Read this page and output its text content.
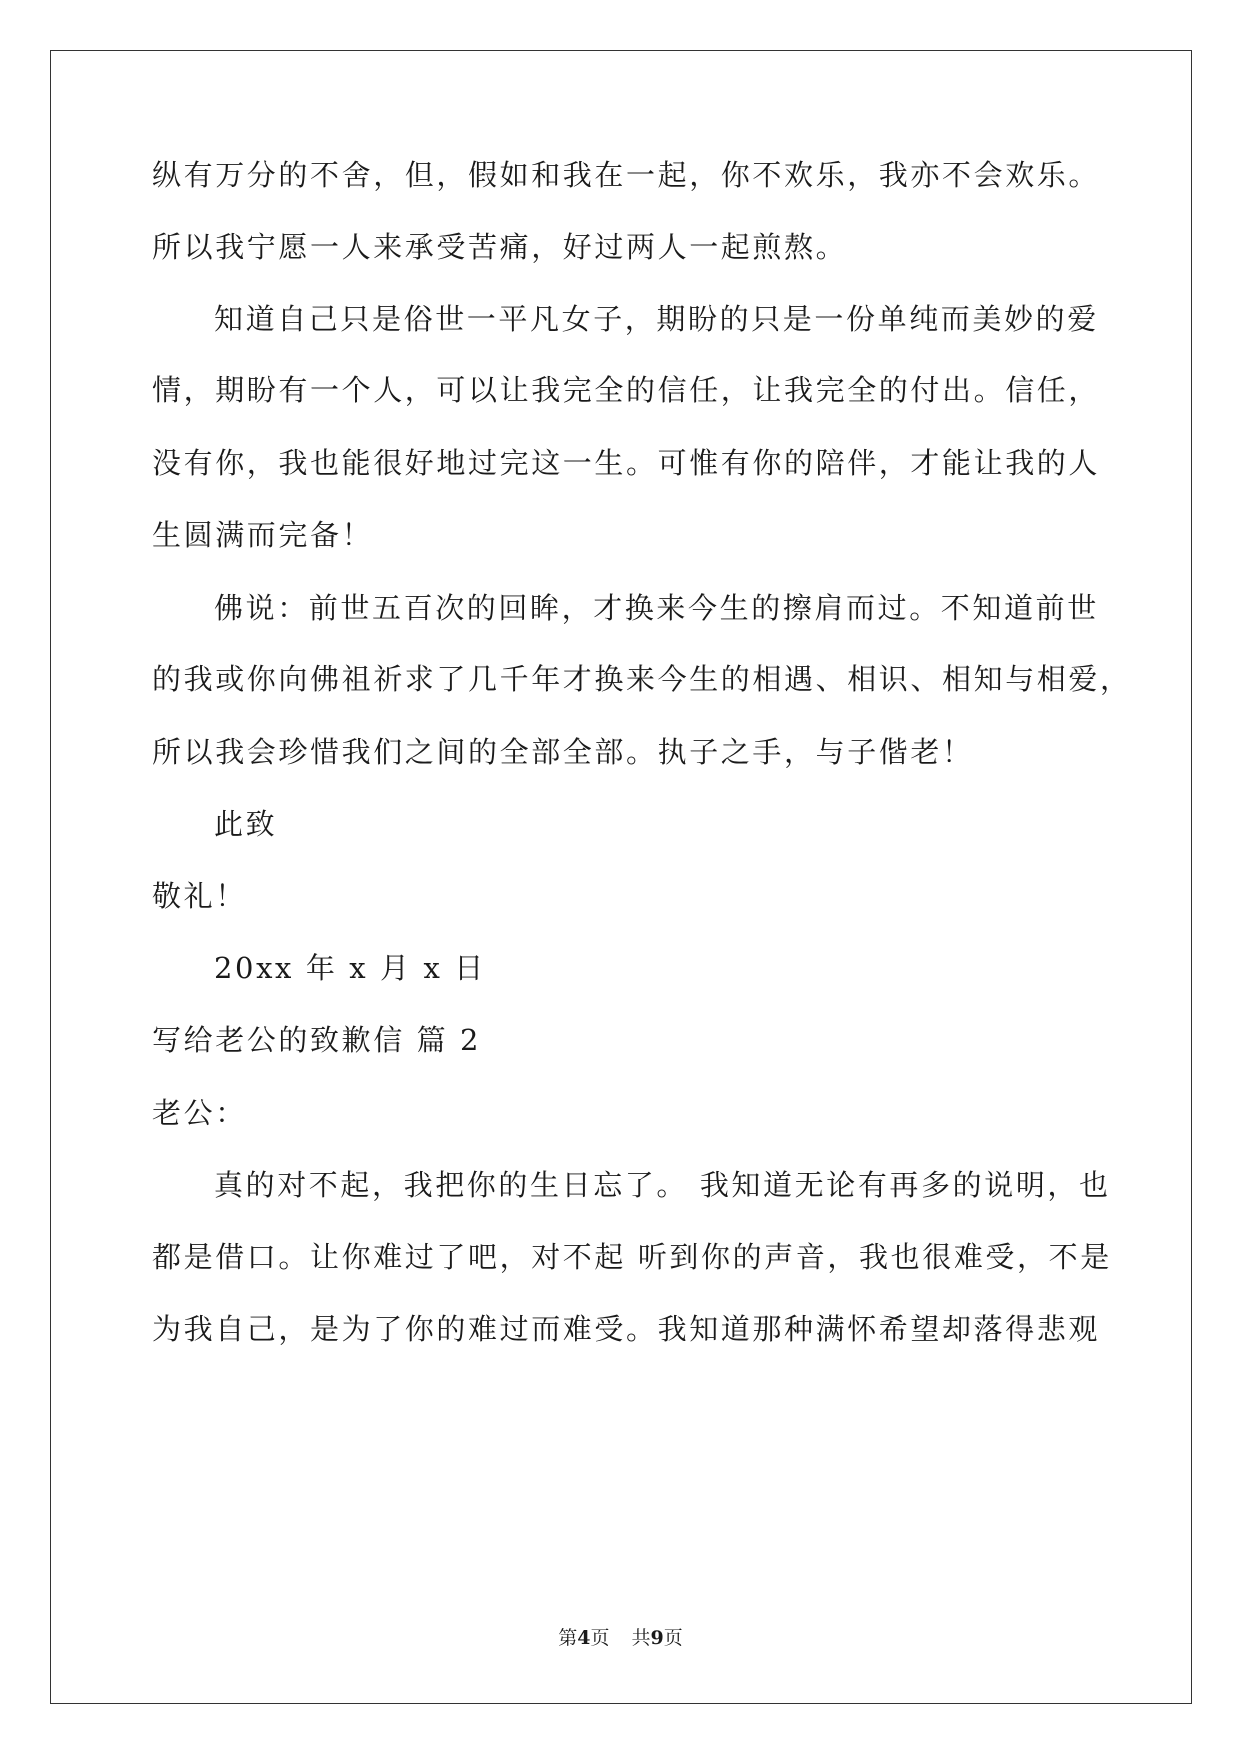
纵有万分的不舍，但，假如和我在一起，你不欢乐，我亦不会欢乐。
所以我宁愿一人来承受苦痛，好过两人一起煎熬。
知道自己只是俗世一平凡女子，期盼的只是一份单纯而美妙的爱
情，期盼有一个人，可以让我完全的信任，让我完全的付出。信任，
没有你，我也能很好地过完这一生。可惟有你的陪伴，才能让我的人
生圆满而完备！
佛说：前世五百次的回眸，才换来今生的擦肩而过。不知道前世
的我或你向佛祖祈求了几千年才换来今生的相遇、相识、相知与相爱，
所以我会珍惜我们之间的全部全部。执子之手，与子偕老！
此致
敬礼！
20xx 年 x 月 x 日
写给老公的致歉信 篇 2
老公：
真的对不起，我把你的生日忘了。 我知道无论有再多的说明，也
都是借口。让你难过了吧，对不起 听到你的声音，我也很难受，不是
为我自己，是为了你的难过而难受。我知道那种满怀希望却落得悲观
第4页 共9页
